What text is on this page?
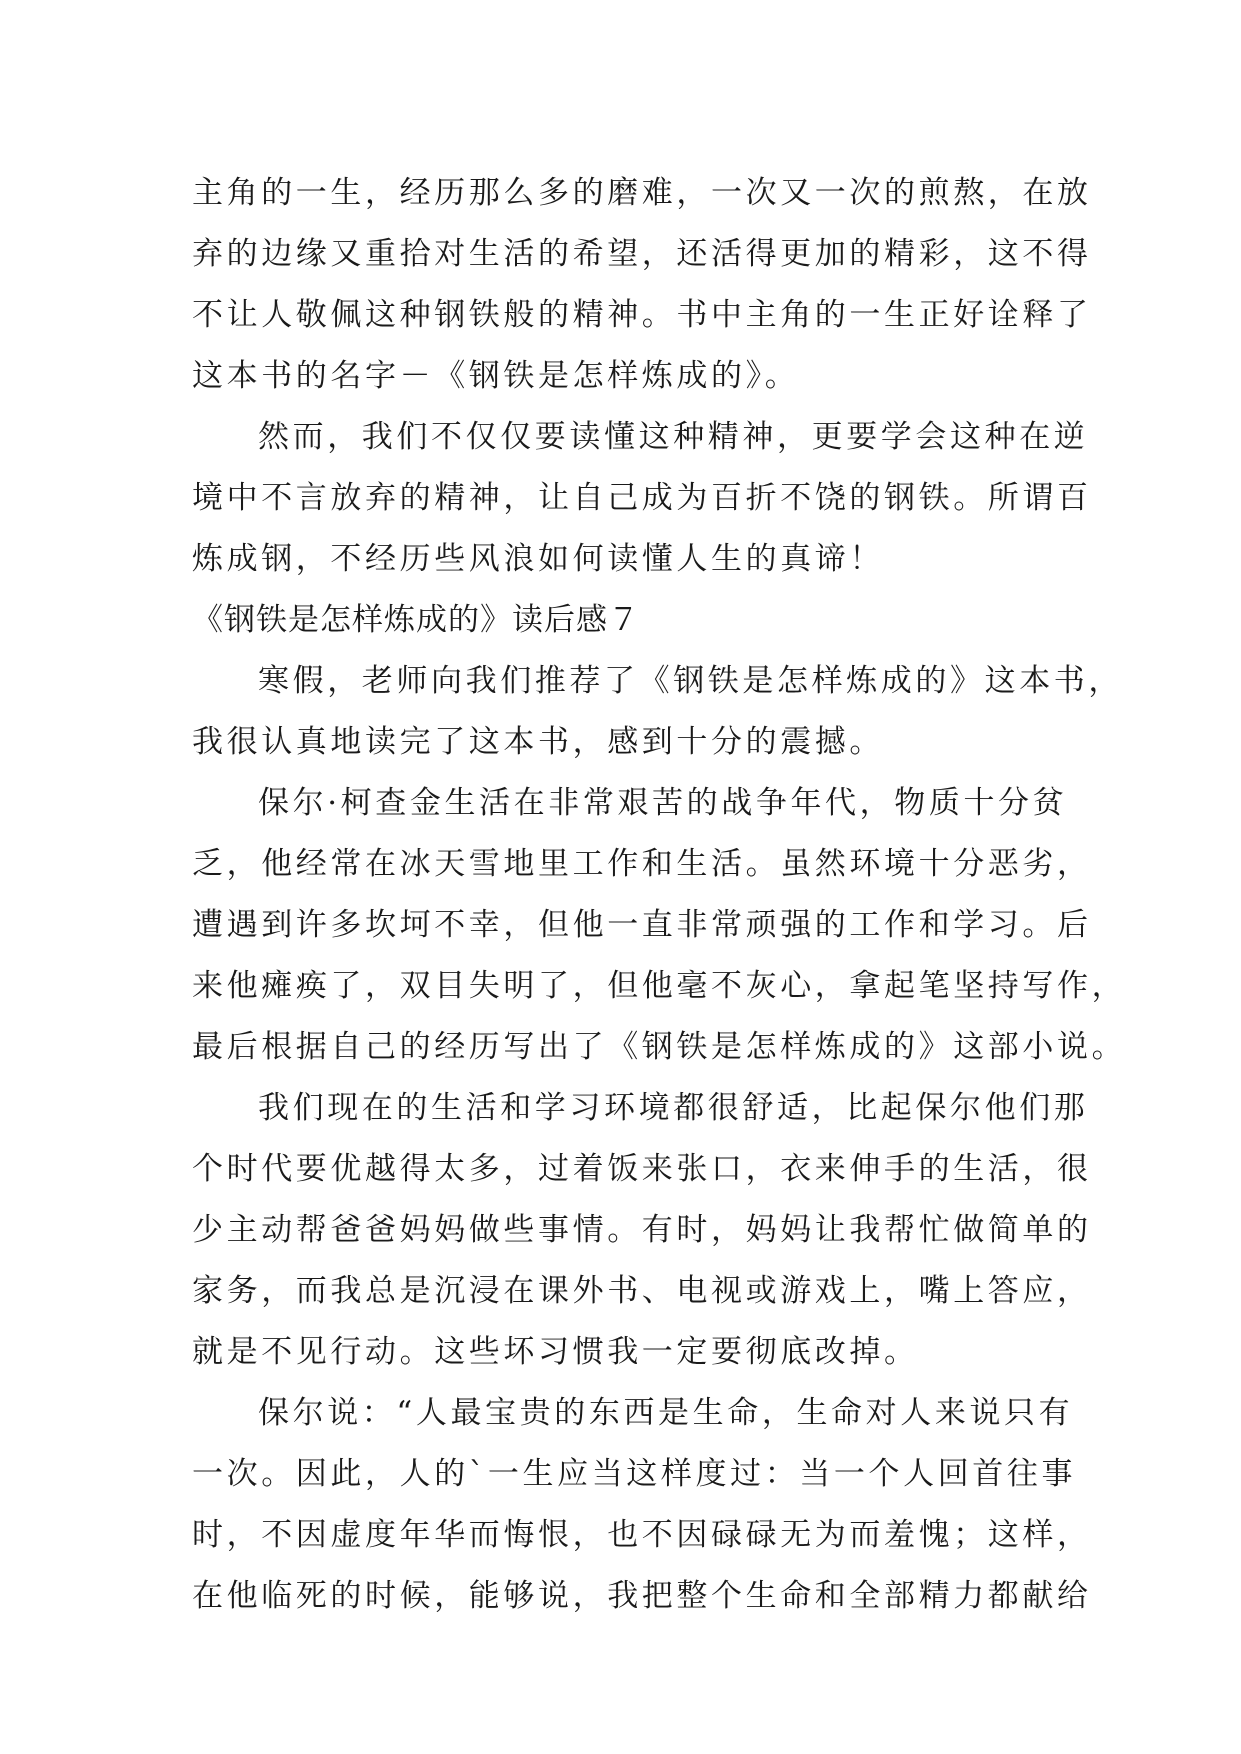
主角的一生，经历那么多的磨难，一次又一次的煎熬，在放
弃的边缘又重拾对生活的希望，还活得更加的精彩，这不得
不让人敬佩这种钢铁般的精神。书中主角的一生正好诠释了
这本书的名字－《钢铁是怎样炼成的》。
然而，我们不仅仅要读懂这种精神，更要学会这种在逆
境中不言放弃的精神，让自己成为百折不饶的钢铁。所谓百
炼成钢，不经历些风浪如何读懂人生的真谛！
《钢铁是怎样炼成的》读后感７
寒假，老师向我们推荐了《钢铁是怎样炼成的》这本书，
我很认真地读完了这本书，感到十分的震撼。
保尔·柯查金生活在非常艰苦的战争年代，物质十分贫
乏，他经常在冰天雪地里工作和生活。虽然环境十分恶劣，
遭遇到许多坎坷不幸，但他一直非常顽强的工作和学习。后
来他瘫痪了，双目失明了，但他毫不灰心，拿起笔坚持写作，
最后根据自己的经历写出了《钢铁是怎样炼成的》这部小说。
我们现在的生活和学习环境都很舒适，比起保尔他们那
个时代要优越得太多，过着饭来张口，衣来伸手的生活，很
少主动帮爸爸妈妈做些事情。有时，妈妈让我帮忙做简单的
家务，而我总是沉浸在课外书、电视或游戏上，嘴上答应，
就是不见行动。这些坏习惯我一定要彻底改掉。
保尔说：“人最宝贵的东西是生命，生命对人来说只有
一次。因此，人的`一生应当这样度过：当一个人回首往事
时，不因虚度年华而悔恨，也不因碌碌无为而羞愧；这样，
在他临死的时候，能够说，我把整个生命和全部精力都献给
